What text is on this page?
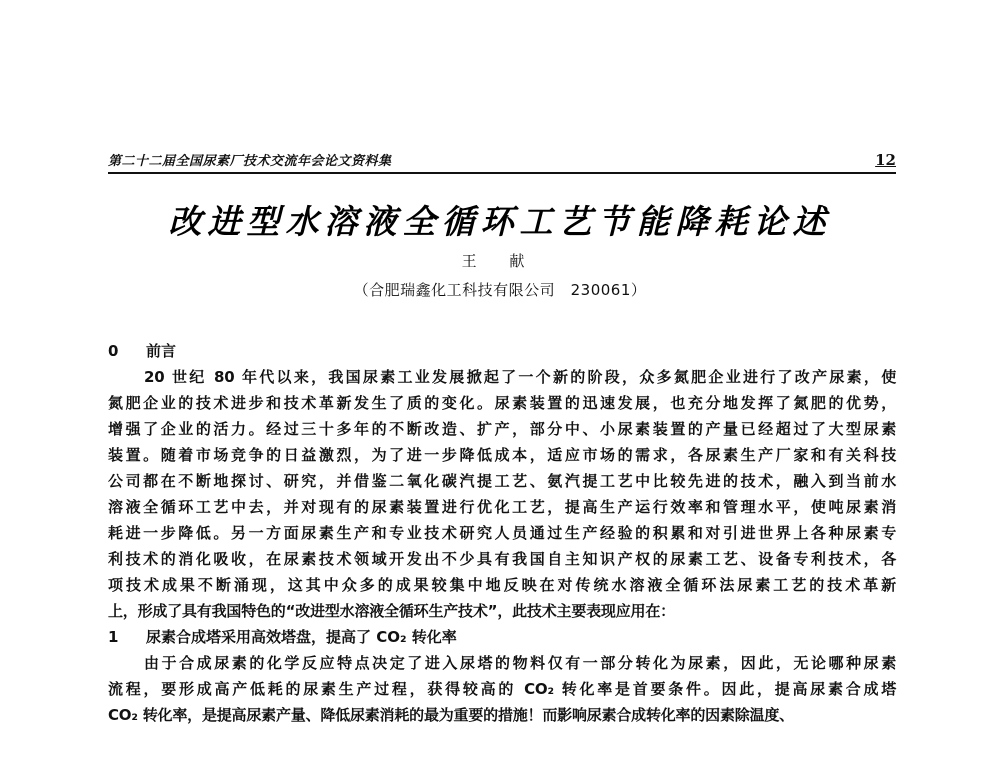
第二十二届全国尿素厂技术交流年会论文资料集	12
改进型水溶液全循环工艺节能降耗论述
王 献
（合肥瑞鑫化工科技有限公司　230061）
0 前言
20 世纪 80 年代以来，我国尿素工业发展掀起了一个新的阶段，众多氮肥企业进行了改产尿素，使
氮肥企业的技术进步和技术革新发生了质的变化。尿素装置的迅速发展，也充分地发挥了氮肥的优势，
增强了企业的活力。经过三十多年的不断改造、扩产，部分中、小尿素装置的产量已经超过了大型尿素
装置。随着市场竞争的日益激烈，为了进一步降低成本，适应市场的需求，各尿素生产厂家和有关科技
公司都在不断地探讨、研究，并借鉴二氧化碳汽提工艺、氨汽提工艺中比较先进的技术，融入到当前水
溶液全循环工艺中去，并对现有的尿素装置进行优化工艺，提高生产运行效率和管理水平，使吨尿素消
耗进一步降低。另一方面尿素生产和专业技术研究人员通过生产经验的积累和对引进世界上各种尿素专
利技术的消化吸收，在尿素技术领域开发出不少具有我国自主知识产权的尿素工艺、设备专利技术，各
项技术成果不断涌现，这其中众多的成果较集中地反映在对传统水溶液全循环法尿素工艺的技术革新
上，形成了具有我国特色的“改进型水溶液全循环生产技术”，此技术主要表现应用在：
1 尿素合成塔采用高效塔盘，提高了 CO₂ 转化率
由于合成尿素的化学反应特点决定了进入尿塔的物料仅有一部分转化为尿素，因此，无论哪种尿素
流程，要形成高产低耗的尿素生产过程，获得较高的 CO₂ 转化率是首要条件。因此，提高尿素合成塔
CO₂ 转化率，是提高尿素产量、降低尿素消耗的最为重要的措施！而影响尿素合成转化率的因素除温度、
